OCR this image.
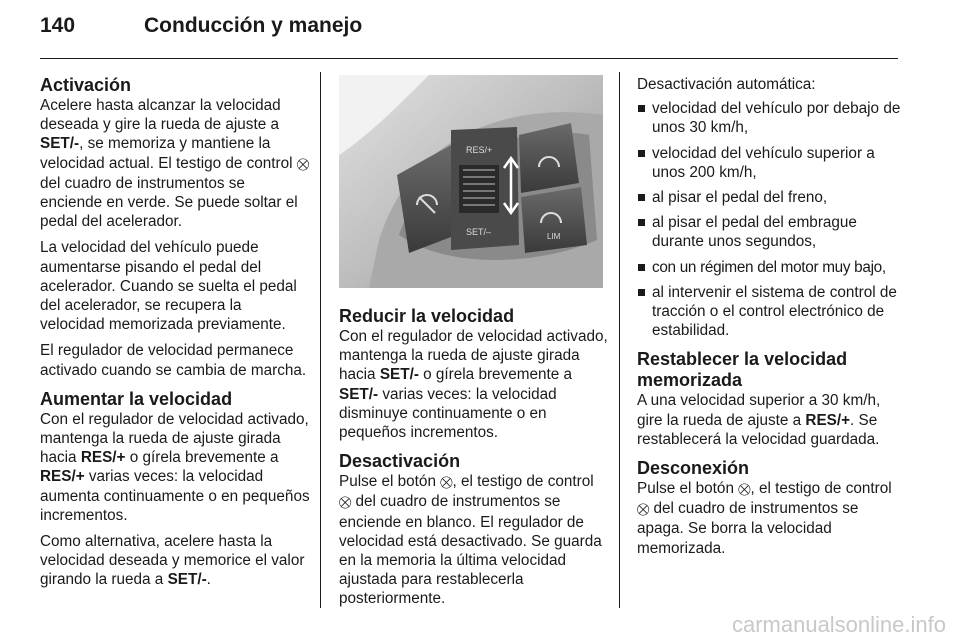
140	Conducción y manejo
Activación

Acelere hasta alcanzar la velocidad deseada y gire la rueda de ajuste a SET/-, se memoriza y mantiene la velocidad actual. El testigo de control ⛒ del cuadro de instrumentos se enciende en verde. Se puede soltar el pedal del acelerador.

La velocidad del vehículo puede aumentarse pisando el pedal del acelerador. Cuando se suelta el pedal del acelerador, se recupera la velocidad memorizada previamente.

El regulador de velocidad permanece activado cuando se cambia de marcha.

Aumentar la velocidad

Con el regulador de velocidad activado, mantenga la rueda de ajuste girada hacia RES/+ o gírela brevemente a RES/+ varias veces: la velocidad aumenta continuamente o en pequeños incrementos.

Como alternativa, acelere hasta la velocidad deseada y memorice el valor girando la rueda a SET/-.

RES/+
SET/–	LIM
Reducir la velocidad

Con el regulador de velocidad activado, mantenga la rueda de ajuste girada hacia SET/- o gírela brevemente a SET/- varias veces: la velocidad disminuye continuamente o en pequeños incrementos.

Desactivación

Pulse el botón ⛒, el testigo de control ⛒ del cuadro de instrumentos se enciende en blanco. El regulador de velocidad está desactivado. Se guarda en la memoria la última velocidad ajustada para restablecerla posteriormente.

Desactivación automática:

velocidad del vehículo por debajo de unos 30 km/h,
velocidad del vehículo superior a unos 200 km/h,
al pisar el pedal del freno,
al pisar el pedal del embrague durante unos segundos,
con un régimen del motor muy bajo,
al intervenir el sistema de control de tracción o el control electrónico de estabilidad.
Restablecer la velocidad memorizada

A una velocidad superior a 30 km/h, gire la rueda de ajuste a RES/+. Se restablecerá la velocidad guardada.

Desconexión

Pulse el botón ⛒, el testigo de control ⛒ del cuadro de instrumentos se apaga. Se borra la velocidad memorizada.

carmanualsonline.info
